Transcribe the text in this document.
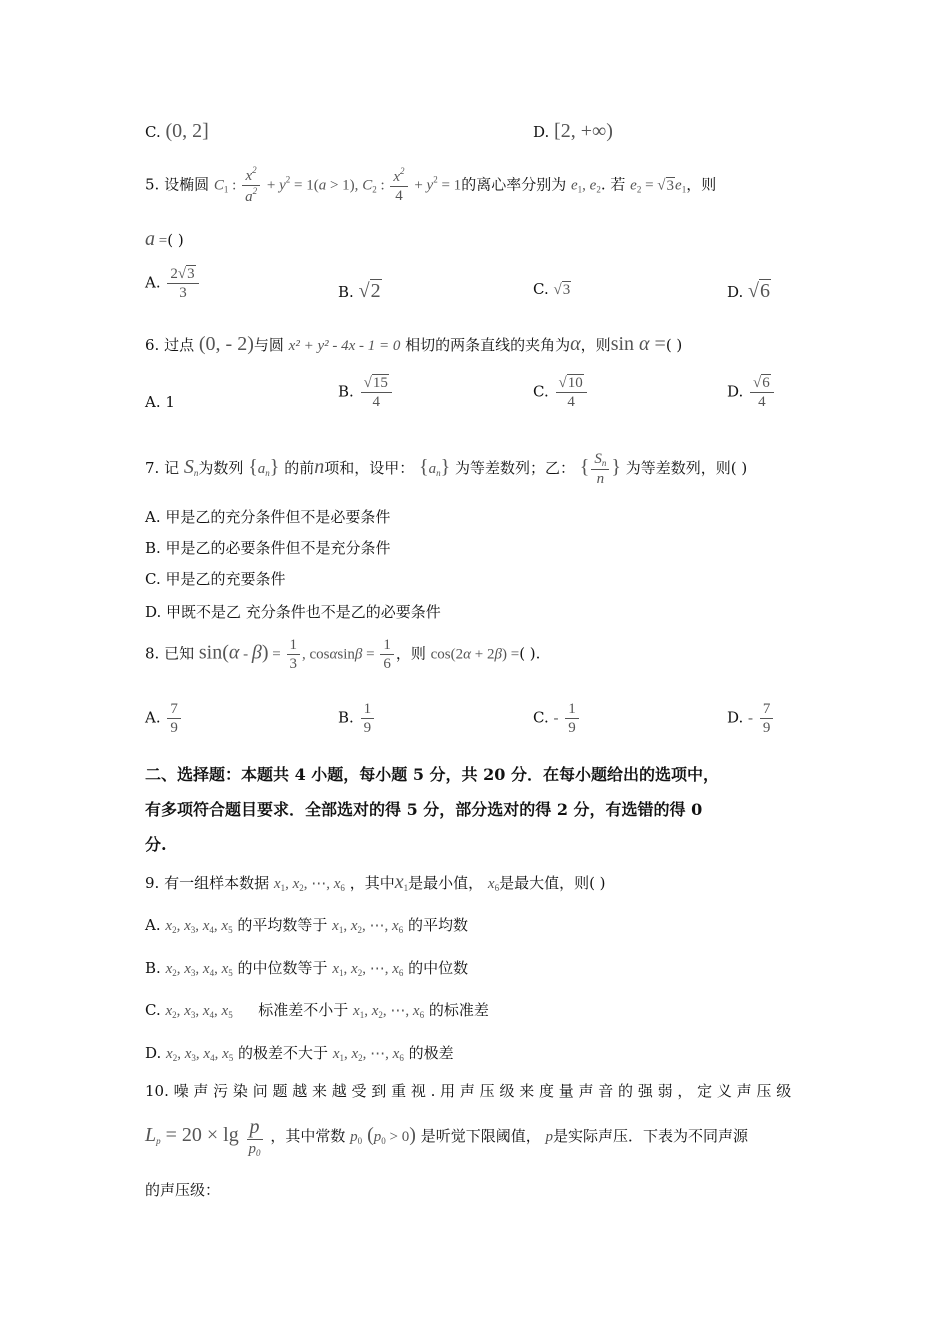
C. (0, 2]	D. [2, +∞)
5. 设椭圆 $C_1$ : $\frac{x^2}{a^2} + y^2 = 1(a > 1)$, $C_2$ : $\frac{x^2}{4} + y^2 = 1$的离心率分别为 $e_1$, $e_2$. 若 $e_2 = √3e_1$，则
a =( )
A. $\frac{2√3}{3}$	B. √2	C. √3	D. √6
6. 过点 (0, - 2)与圆 x² + y² - 4x - 1 = 0 相切的两条直线的夹角为α，则sin α =( )
A. 1
B. $\frac{√15}{4}$	C. $\frac{√10}{4}$	D. $\frac{√6}{4}$
7. 记 $S_n$为数列 $\{a_n\}$ 的前n项和，设甲： $\{a_n\}$ 为等差数列；乙： { $\frac{S_n}{n}$ } 为等差数列，则( )
A. 甲是乙的充分条件但不是必要条件
B. 甲是乙的必要条件但不是充分条件
C. 甲是乙的充要条件
D. 甲既不是乙 充分条件也不是乙的必要条件
8. 已知 $\sin(\alpha - \beta) = \frac{1}{3}$ , $\cos\alpha\sin\beta = \frac{1}{6}$ ，则 cos(2α + 2β) =( ).
A. $\frac{7}{9}$	B. $\frac{1}{9}$	C. - $\frac{1}{9}$	D. - $\frac{7}{9}$
二、选择题：本题共 4 小题，每小题 5 分，共 20 分．在每小题给出的选项中，
有多项符合题目要求．全部选对的得 5 分，部分选对的得 2 分，有选错的得 0
分.
9. 有一组样本数据 $x_1$, $x_2$, ⋯, $x_6$ ，其中$x_1$是最小值， $x_6$是最大值，则( )
A. $x_2$, $x_3$, $x_4$, $x_5$ 的平均数等于 $x_1$, $x_2$, ⋯, $x_6$ 的平均数
B. $x_2$, $x_3$, $x_4$, $x_5$ 的中位数等于 $x_1$, $x_2$, ⋯, $x_6$ 的中位数
C. $x_2$, $x_3$, $x_4$, $x_5$ 标准差不小于 $x_1$, $x_2$, ⋯, $x_6$ 的标准差
D. $x_2$, $x_3$, $x_4$, $x_5$ 的极差不大于 $x_1$, $x_2$, ⋯, $x_6$ 的极差
10. 噪 声 污 染 问 题 越 来 越 受 到 重 视 . 用 声 压 级 来 度 量 声 音 的 强 弱 ， 定 义 声 压 级
$L_p = 20 \times \lg \frac{p}{p_0}$ ，其中常数 $p_0$ $(p_0 > 0)$ 是听觉下限阈值， p是实际声压．下表为不同声源
的声压级：
